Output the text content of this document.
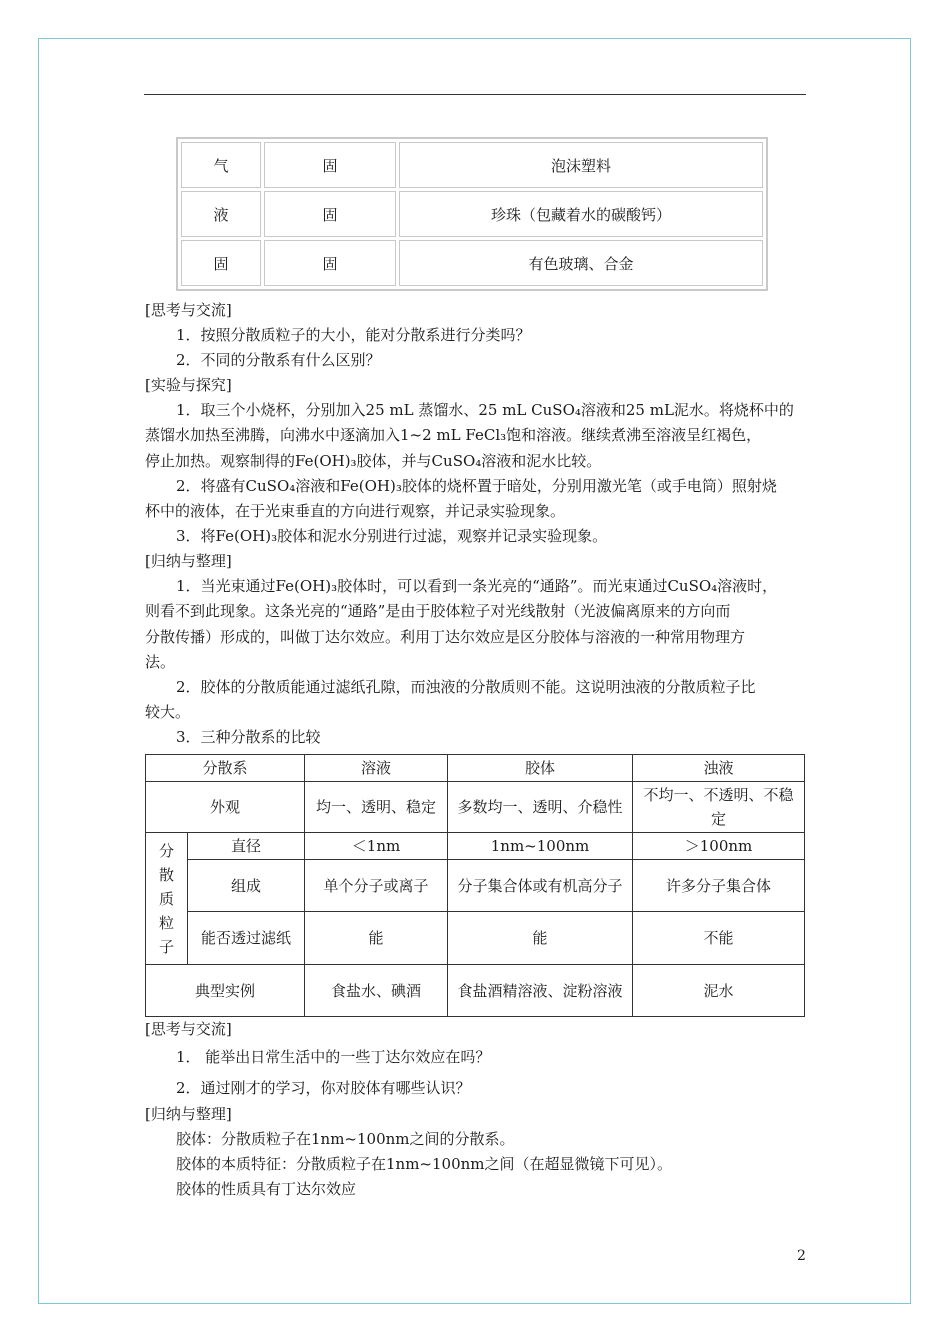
气	固	泡沫塑料
液	固	珍珠（包藏着水的碳酸钙）
固	固	有色玻璃、合金
[思考与交流]
1．按照分散质粒子的大小，能对分散系进行分类吗？
2．不同的分散系有什么区别？
[实验与探究]
1．取三个小烧杯，分别加入25 mL 蒸馏水、25 mL CuSO₄溶液和25 mL泥水。将烧杯中的
蒸馏水加热至沸腾，向沸水中逐滴加入1~2 mL FeCl₃饱和溶液。继续煮沸至溶液呈红褐色，
停止加热。观察制得的Fe(OH)₃胶体，并与CuSO₄溶液和泥水比较。
2．将盛有CuSO₄溶液和Fe(OH)₃胶体的烧杯置于暗处，分别用激光笔（或手电筒）照射烧
杯中的液体，在于光束垂直的方向进行观察，并记录实验现象。
3．将Fe(OH)₃胶体和泥水分别进行过滤，观察并记录实验现象。
[归纳与整理]
1．当光束通过Fe(OH)₃胶体时，可以看到一条光亮的“通路”。而光束通过CuSO₄溶液时，
则看不到此现象。这条光亮的“通路”是由于胶体粒子对光线散射（光波偏离原来的方向而
分散传播）形成的，叫做丁达尔效应。利用丁达尔效应是区分胶体与溶液的一种常用物理方
法。
2．胶体的分散质能通过滤纸孔隙，而浊液的分散质则不能。这说明浊液的分散质粒子比
较大。
3．三种分散系的比较
分散系		溶液	胶体	浊液
外观		均一、透明、稳定	多数均一、透明、介稳性	不均一、不透明、不稳定
分
散
质
粒
子	直径	＜1nm	1nm~100nm	＞100nm
	组成	单个分子或离子	分子集合体或有机高分子	许多分子集合体
	能否透过滤纸	能	能	不能
典型实例		食盐水、碘酒	食盐酒精溶液、淀粉溶液	泥水
[思考与交流]
1． 能举出日常生活中的一些丁达尔效应在吗？
2．通过刚才的学习，你对胶体有哪些认识？
[归纳与整理]
胶体：分散质粒子在1nm~100nm之间的分散系。
胶体的本质特征：分散质粒子在1nm~100nm之间（在超显微镜下可见）。
胶体的性质具有丁达尔效应
2
